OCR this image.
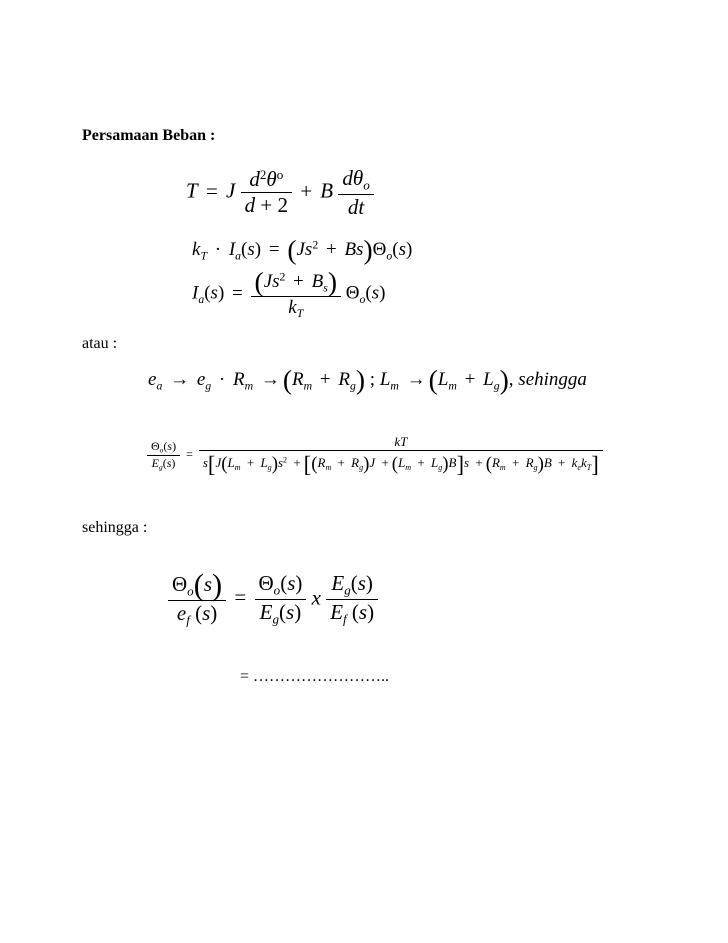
Persamaan Beban :
T = J $\frac{d^2\theta^o}{d + 2} + B \frac{d\theta_o}{dt}$
$k_T \cdot I_a(s) = (Js^2 + Bs)\Theta_o(s)$
$I_a(s) = \frac{(Js^2 + B_s)}{k_T} \Theta_o(s)$
atau :
$e_a \to e_g \cdot R_m \to (R_m + R_g)$ ; $L_m \to (L_m + L_g)$, sehingga
$\frac{\Theta_o(s)}{E_g(s)}$ =
kT
$s[J(L_m + L_g)s^2 + [(R_m + R_g)J + (L_m + L_g)B]s + (R_m + R_g)B + k_ek_T]$
sehingga :
$\frac{\Theta_o(s)}{e_f (s)} = \frac{\Theta_o(s)}{E_g(s)}$ x $\frac{E_g(s)}{E_f (s)}$
= ……………………..
